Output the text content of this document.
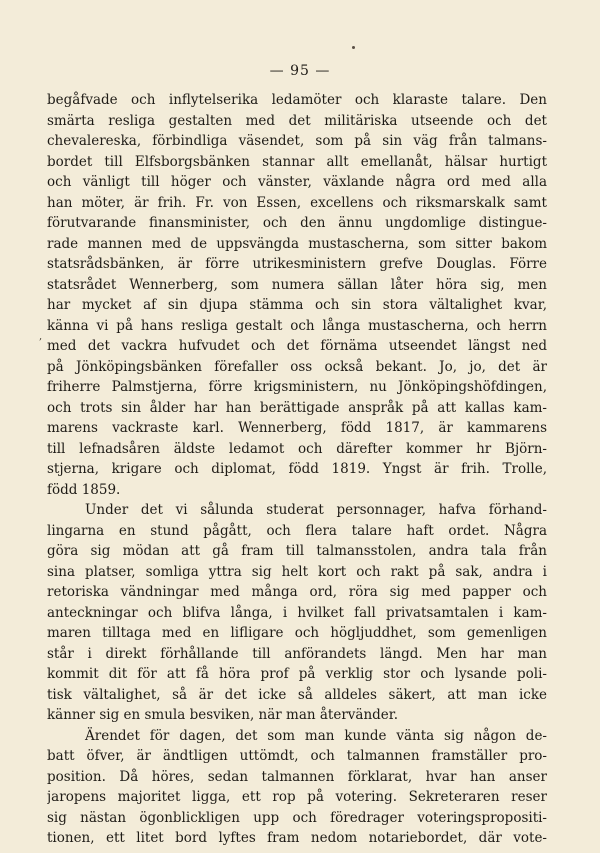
— 95 —
,
begåfvade och inflytelserika ledamöter och klaraste talare. Den
smärta resliga gestalten med det militäriska utseende och det
chevalereska, förbindliga väsendet, som på sin väg från talmans-
bordet till Elfsborgsbänken stannar allt emellanåt, hälsar hurtigt
och vänligt till höger och vänster, växlande några ord med alla
han möter, är frih. Fr. von Essen, excellens och riksmarskalk samt
förutvarande finansminister, och den ännu ungdomlige distingue-
rade mannen med de uppsvängda mustascherna, som sitter bakom
statsrådsbänken, är förre utrikesministern grefve Douglas. Förre
statsrådet Wennerberg, som numera sällan låter höra sig, men
har mycket af sin djupa stämma och sin stora vältalighet kvar,
känna vi på hans resliga gestalt och långa mustascherna, och herrn
med det vackra hufvudet och det förnäma utseendet längst ned
på Jönköpingsbänken förefaller oss också bekant. Jo, jo, det är
friherre Palmstjerna, förre krigsministern, nu Jönköpingshöfdingen,
och trots sin ålder har han berättigade anspråk på att kallas kam-
marens vackraste karl. Wennerberg, född 1817, är kammarens
till lefnadsåren äldste ledamot och därefter kommer hr Björn-
stjerna, krigare och diplomat, född 1819. Yngst är frih. Trolle,
född 1859.
Under det vi sålunda studerat personnager, hafva förhand-
lingarna en stund pågått, och flera talare haft ordet. Några
göra sig mödan att gå fram till talmansstolen, andra tala från
sina platser, somliga yttra sig helt kort och rakt på sak, andra i
retoriska vändningar med många ord, röra sig med papper och
anteckningar och blifva långa, i hvilket fall privatsamtalen i kam-
maren tilltaga med en lifligare och högljuddhet, som gemenligen
står i direkt förhållande till anförandets längd. Men har man
kommit dit för att få höra prof på verklig stor och lysande poli-
tisk vältalighet, så är det icke så alldeles säkert, att man icke
känner sig en smula besviken, när man återvänder.
Ärendet för dagen, det som man kunde vänta sig någon de-
batt öfver, är ändtligen uttömdt, och talmannen framställer pro-
position. Då höres, sedan talmannen förklarat, hvar han anser
jaropens majoritet ligga, ett rop på votering. Sekreteraren reser
sig nästan ögonblickligen upp och föredrager voteringspropositi-
tionen, ett litet bord lyftes fram nedom notariebordet, där vote-
